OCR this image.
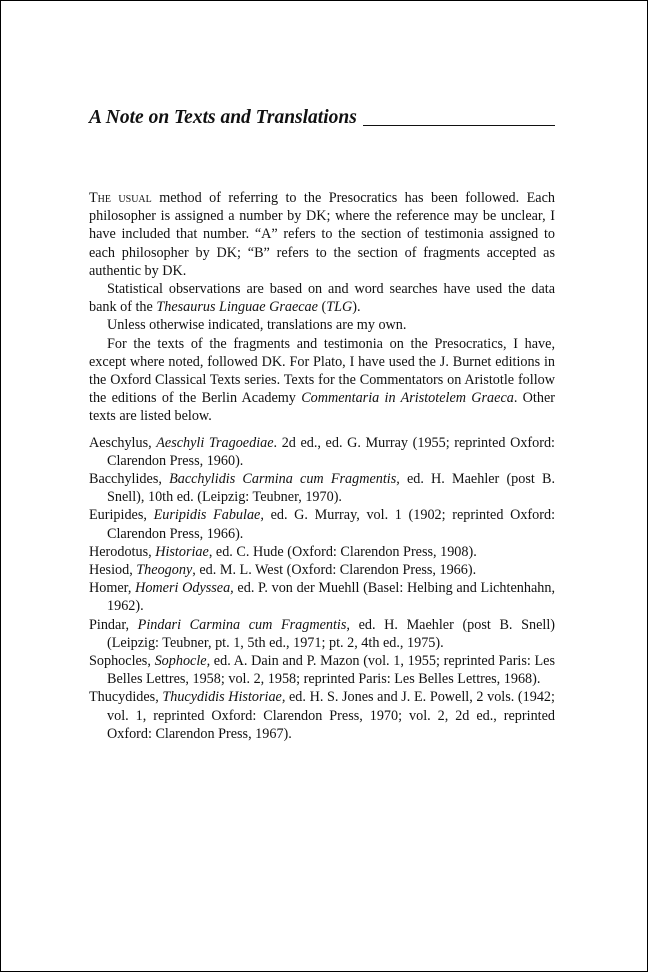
A Note on Texts and Translations

The usual method of referring to the Presocratics has been followed. Each philosopher is assigned a number by DK; where the reference may be unclear, I have included that number. “A” refers to the section of testimonia assigned to each philosopher by DK; “B” refers to the section of fragments accepted as authentic by DK.

Statistical observations are based on and word searches have used the data bank of the Thesaurus Linguae Graecae (TLG).

Unless otherwise indicated, translations are my own.

For the texts of the fragments and testimonia on the Presocratics, I have, except where noted, followed DK. For Plato, I have used the J. Burnet editions in the Oxford Classical Texts series. Texts for the Commentators on Aristotle follow the editions of the Berlin Academy Commentaria in Aristotelem Graeca. Other texts are listed below.

Aeschylus, Aeschyli Tragoediae. 2d ed., ed. G. Murray (1955; reprinted Oxford: Clarendon Press, 1960).

Bacchylides, Bacchylidis Carmina cum Fragmentis, ed. H. Maehler (post B. Snell), 10th ed. (Leipzig: Teubner, 1970).

Euripides, Euripidis Fabulae, ed. G. Murray, vol. 1 (1902; reprinted Oxford: Clarendon Press, 1966).

Herodotus, Historiae, ed. C. Hude (Oxford: Clarendon Press, 1908).

Hesiod, Theogony, ed. M. L. West (Oxford: Clarendon Press, 1966).

Homer, Homeri Odyssea, ed. P. von der Muehll (Basel: Helbing and Lichtenhahn, 1962).

Pindar, Pindari Carmina cum Fragmentis, ed. H. Maehler (post B. Snell) (Leipzig: Teubner, pt. 1, 5th ed., 1971; pt. 2, 4th ed., 1975).

Sophocles, Sophocle, ed. A. Dain and P. Mazon (vol. 1, 1955; reprinted Paris: Les Belles Lettres, 1958; vol. 2, 1958; reprinted Paris: Les Belles Lettres, 1968).

Thucydides, Thucydidis Historiae, ed. H. S. Jones and J. E. Powell, 2 vols. (1942; vol. 1, reprinted Oxford: Clarendon Press, 1970; vol. 2, 2d ed., reprinted Oxford: Clarendon Press, 1967).
